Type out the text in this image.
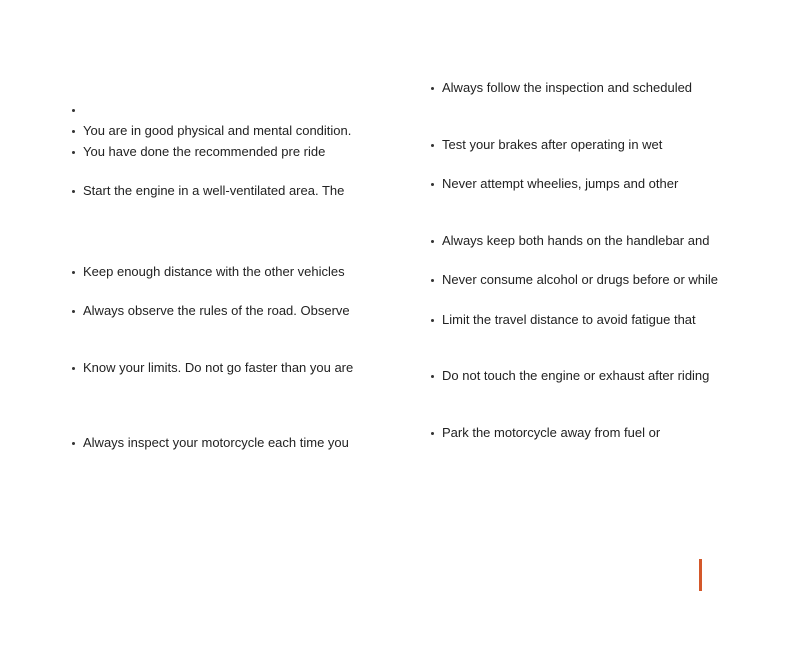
You are in good physical and mental condition.
You have done the recommended pre ride
Start the engine in a well-ventilated area. The
Keep enough distance with the other vehicles
Always observe the rules of the road. Observe
Know your limits. Do not go faster than you are
Always inspect your motorcycle each time you
Always follow the inspection and scheduled
Test your brakes after operating in wet
Never attempt wheelies, jumps and other
Always keep both hands on the handlebar and
Never consume alcohol or drugs before or while
Limit the travel distance to avoid fatigue that
Do not touch the engine or exhaust after riding
Park the motorcycle away from fuel or
